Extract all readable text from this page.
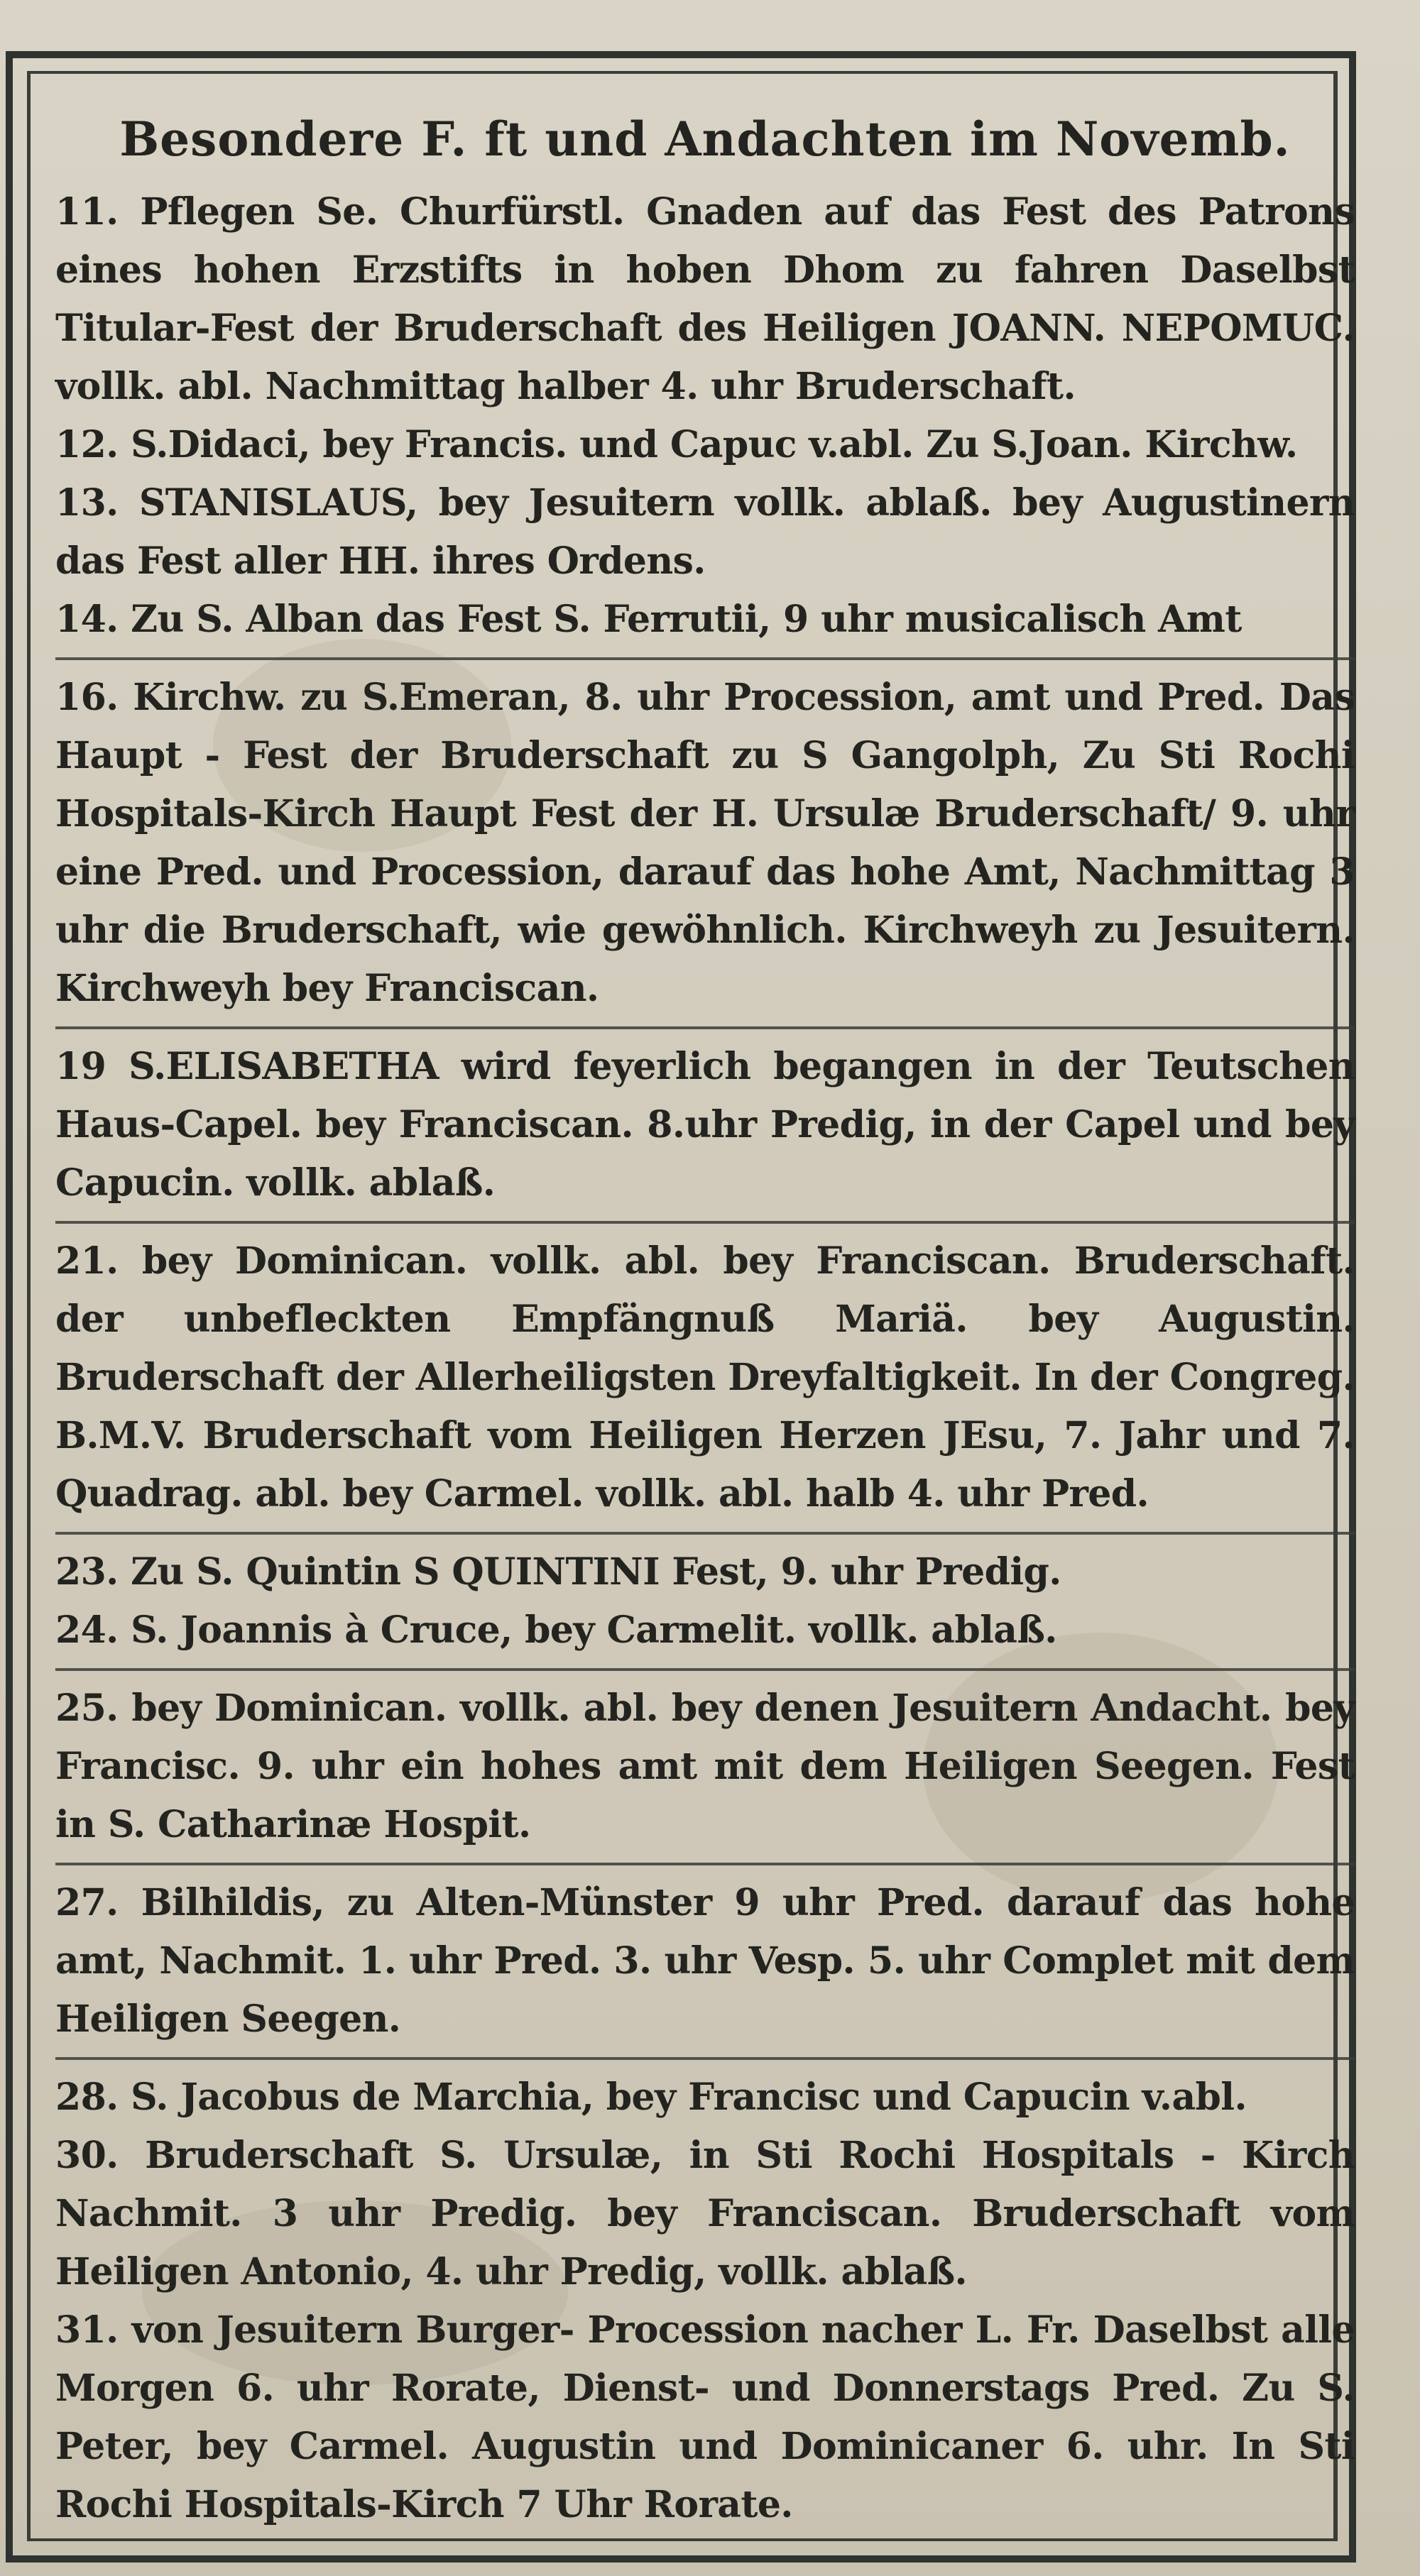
Besondere F. ft und Andachten im Novemb.

11. Pflegen Se. Churfürstl. Gnaden auf das Fest des Patrons eines hohen Erzstifts in hoben Dhom zu fahren Daselbst Titular-Fest der Bruderschaft des Heiligen JOANN. NEPOMUC. vollk. abl. Nachmittag halber 4. uhr Bruderschaft.

12. S.Didaci, bey Francis. und Capuc v.abl. Zu S.Joan. Kirchw.

13. STANISLAUS, bey Jesuitern vollk. ablaß. bey Augustinern das Fest aller HH. ihres Ordens.

14. Zu S. Alban das Fest S. Ferrutii, 9 uhr musicalisch Amt

16. Kirchw. zu S.Emeran, 8. uhr Procession, amt und Pred. Das Haupt - Fest der Bruderschaft zu S Gangolph, Zu Sti Rochi Hospitals-Kirch Haupt Fest der H. Ursulæ Bruderschaft/ 9. uhr eine Pred. und Procession, darauf das hohe Amt, Nachmittag 3 uhr die Bruderschaft, wie gewöhnlich. Kirchweyh zu Jesuitern. Kirchweyh bey Franciscan.

19 S.ELISABETHA wird feyerlich begangen in der Teutschen Haus-Capel. bey Franciscan. 8.uhr Predig, in der Capel und bey Capucin. vollk. ablaß.

21. bey Dominican. vollk. abl. bey Franciscan. Bruderschaft. der unbefleckten Empfängnuß Mariä. bey Augustin. Bruderschaft der Allerheiligsten Dreyfaltigkeit. In der Congreg. B.M.V. Bruderschaft vom Heiligen Herzen JEsu, 7. Jahr und 7. Quadrag. abl. bey Carmel. vollk. abl. halb 4. uhr Pred.

23. Zu S. Quintin S QUINTINI Fest, 9. uhr Predig.

24. S. Joannis à Cruce, bey Carmelit. vollk. ablaß.

25. bey Dominican. vollk. abl. bey denen Jesuitern Andacht. bey Francisc. 9. uhr ein hohes amt mit dem Heiligen Seegen. Fest in S. Catharinæ Hospit.

27. Bilhildis, zu Alten-Münster 9 uhr Pred. darauf das hohe amt, Nachmit. 1. uhr Pred. 3. uhr Vesp. 5. uhr Complet mit dem Heiligen Seegen.

28. S. Jacobus de Marchia, bey Francisc und Capucin v.abl.

30. Bruderschaft S. Ursulæ, in Sti Rochi Hospitals - Kirch Nachmit. 3 uhr Predig. bey Franciscan. Bruderschaft vom Heiligen Antonio, 4. uhr Predig, vollk. ablaß.

31. von Jesuitern Burger- Procession nacher L. Fr. Daselbst alle Morgen 6. uhr Rorate, Dienst- und Donnerstags Pred. Zu S. Peter, bey Carmel. Augustin und Dominicaner 6. uhr. In Sti Rochi Hospitals-Kirch 7 Uhr Rorate.
